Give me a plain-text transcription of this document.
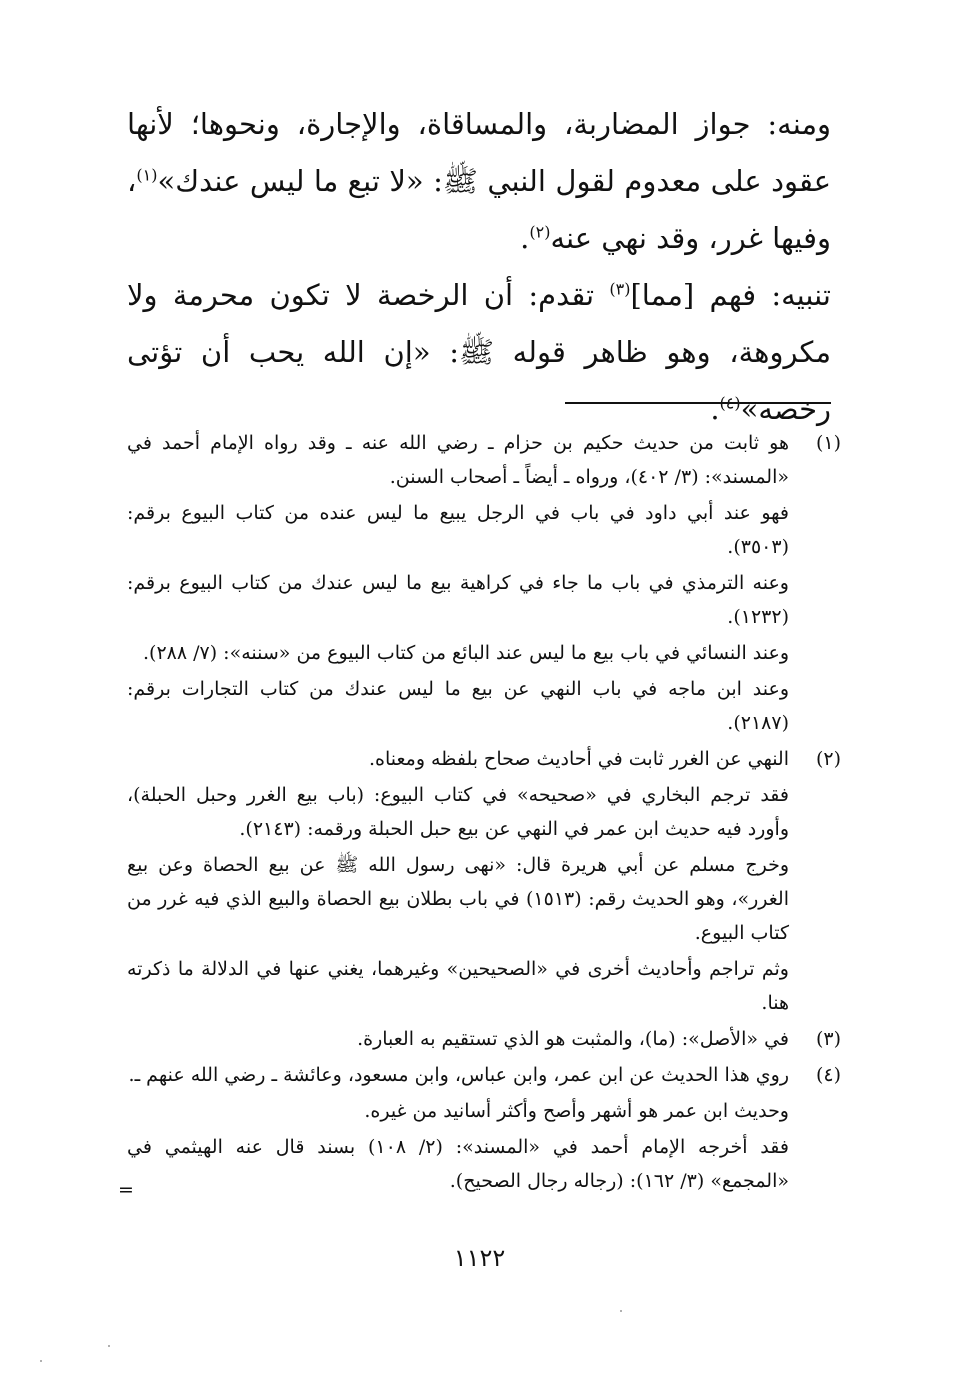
ومنه: جواز المضاربة، والمساقاة، والإجارة، ونحوها؛ لأنها عقود على معدوم لقول النبي ﷺ: «لا تبع ما ليس عندك»$^{(١)}$، وفيها غرر، وقد نهي عنه$^{(٢)}$.

تنبيه: فهم [مما]$^{(٣)}$ تقدم: أن الرخصة لا تكون محرمة ولا مكروهة، وهو ظاهر قوله ﷺ: «إن الله يحب أن تؤتى رخصه»$^{(٤)}$.

(١)

هو ثابت من حديث حكيم بن حزام ـ رضي الله عنه ـ وقد رواه الإمام أحمد في «المسند»: (٣/ ٤٠٢)، ورواه ـ أيضاً ـ أصحاب السنن.

فهو عند أبي داود في باب في الرجل يبيع ما ليس عنده من كتاب البيوع برقم: (٣٥٠٣).

وعنه الترمذي في باب ما جاء في كراهية بيع ما ليس عندك من كتاب البيوع برقم: (١٢٣٢).

وعند النسائي في باب بيع ما ليس عند البائع من كتاب البيوع من «سننه»: (٧/ ٢٨٨).

وعند ابن ماجه في باب النهي عن بيع ما ليس عندك من كتاب التجارات برقم: (٢١٨٧).

(٢)

النهي عن الغرر ثابت في أحاديث صحاح بلفظه ومعناه.

فقد ترجم البخاري في «صحيحه» في كتاب البيوع: (باب بيع الغرر وحبل الحبلة)، وأورد فيه حديث ابن عمر في النهي عن بيع حبل الحبلة ورقمه: (٢١٤٣).

وخرج مسلم عن أبي هريرة قال: «نهى رسول الله ﷺ عن بيع الحصاة وعن بيع الغرر»، وهو الحديث رقم: (١٥١٣) في باب بطلان بيع الحصاة والبيع الذي فيه غرر من كتاب البيوع.

وثم تراجم وأحاديث أخرى في «الصحيحين» وغيرهما، يغني عنها في الدلالة ما ذكرته هنا.

(٣)

في «الأصل»: (ما)، والمثبت هو الذي تستقيم به العبارة.

(٤)

روي هذا الحديث عن ابن عمر، وابن عباس، وابن مسعود، وعائشة ـ رضي الله عنهم ـ.

وحديث ابن عمر هو أشهر وأصح وأكثر أسانيد من غيره.

فقد أخرجه الإمام أحمد في «المسند»: (٢/ ١٠٨) بسند قال عنه الهيثمي في «المجمع» (٣/ ١٦٢): (رجاله رجال الصحيح).

=
١١٢٢
